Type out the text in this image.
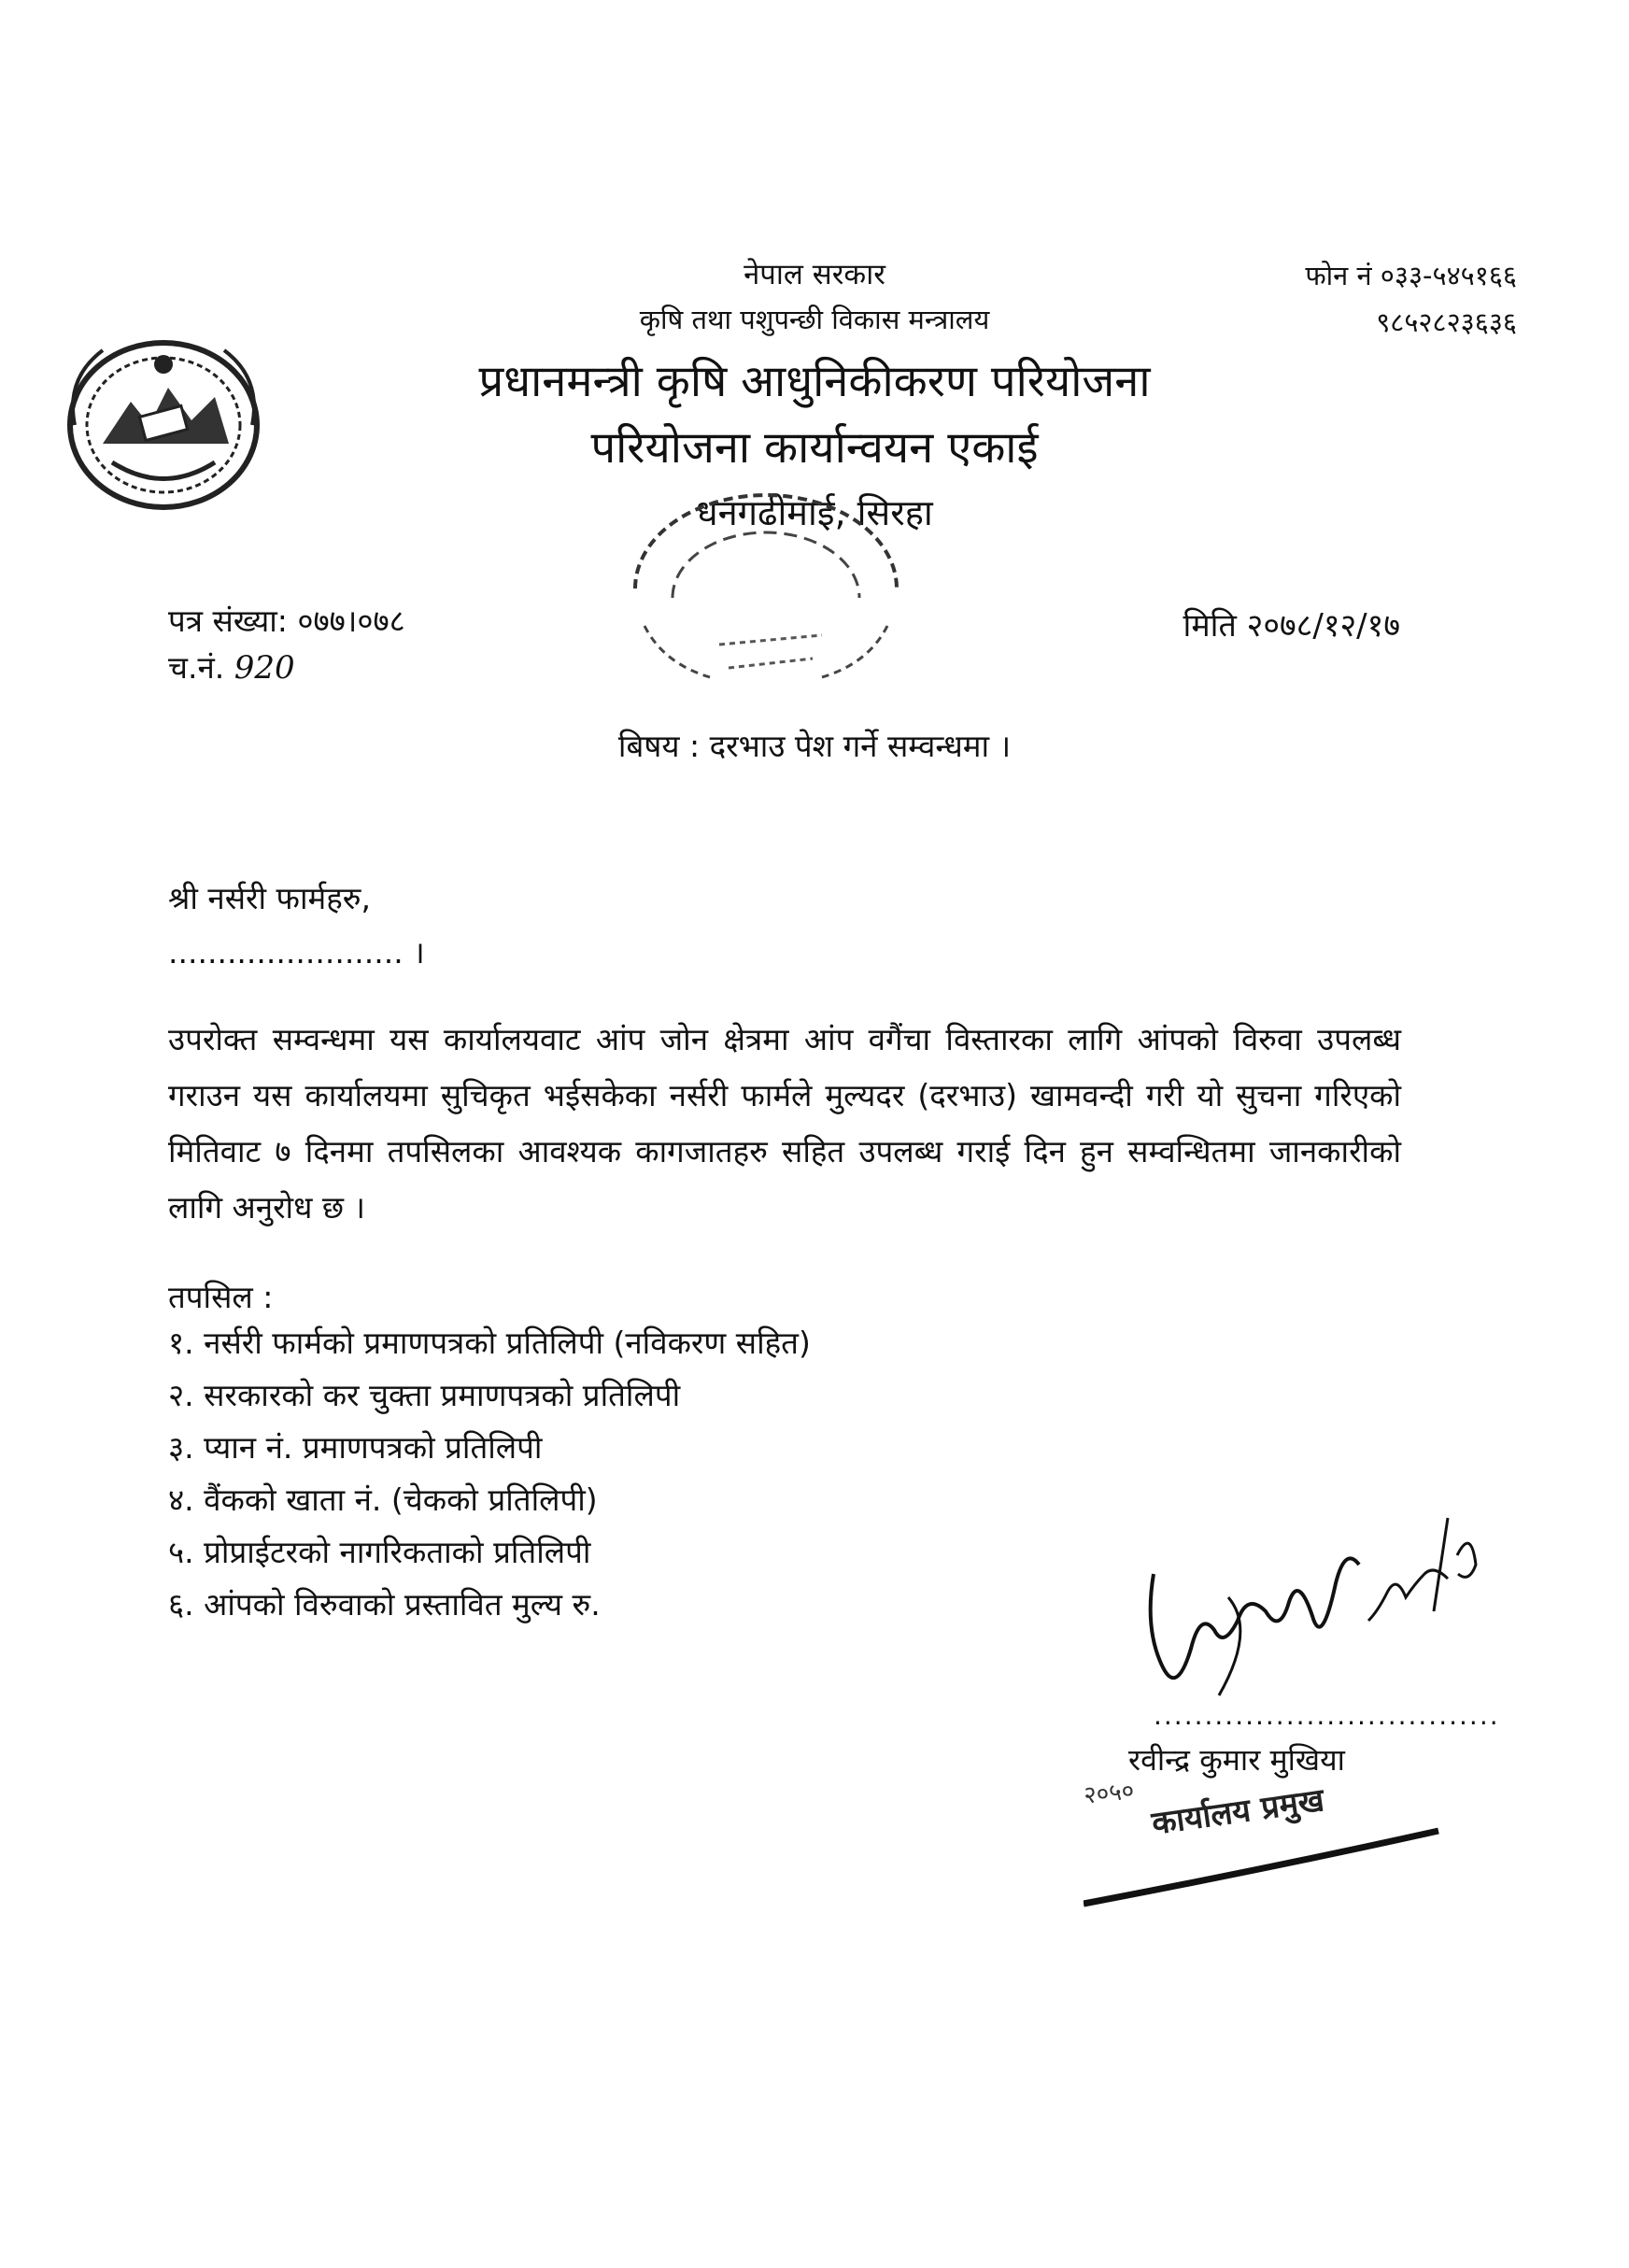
नेपाल सरकार
कृषि तथा पशुपन्छी विकास मन्त्रालय
प्रधानमन्त्री कृषि आधुनिकीकरण परियोजना
परियोजना कार्यान्वयन एकाई
धनगढीमाई, सिरहा
फोन नं ०३३-५४५१६६
९८५२८२३६३६
पत्र संख्या: ०७७।०७८
च.नं. 920
मिति २०७८/१२/१७
बिषय : दरभाउ पेश गर्ने सम्वन्धमा ।
श्री नर्सरी फार्महरु,
........................ ।
उपरोक्त सम्वन्धमा यस कार्यालयवाट आंप जोन क्षेत्रमा आंप वगैंचा विस्तारका लागि आंपको विरुवा उपलब्ध गराउन यस कार्यालयमा सुचिकृत भईसकेका नर्सरी फार्मले मुल्यदर (दरभाउ) खामवन्दी गरी यो सुचना गरिएको मितिवाट ७ दिनमा तपसिलका आवश्यक कागजातहरु सहित उपलब्ध गराई दिन हुन सम्वन्धितमा जानकारीको लागि अनुरोध छ ।
तपसिल :
१. नर्सरी फार्मको प्रमाणपत्रको प्रतिलिपी (नविकरण सहित)
२. सरकारको कर चुक्ता प्रमाणपत्रको प्रतिलिपी
३. प्यान नं. प्रमाणपत्रको प्रतिलिपी
४. वैंकको खाता नं. (चेकको प्रतिलिपी)
५. प्रोप्राईटरको नागरिकताको प्रतिलिपी
६. आंपको विरुवाको प्रस्तावित मुल्य रु.
..................................
रवीन्द्र कुमार मुखिया
२०५० कार्यालय प्रमुख
